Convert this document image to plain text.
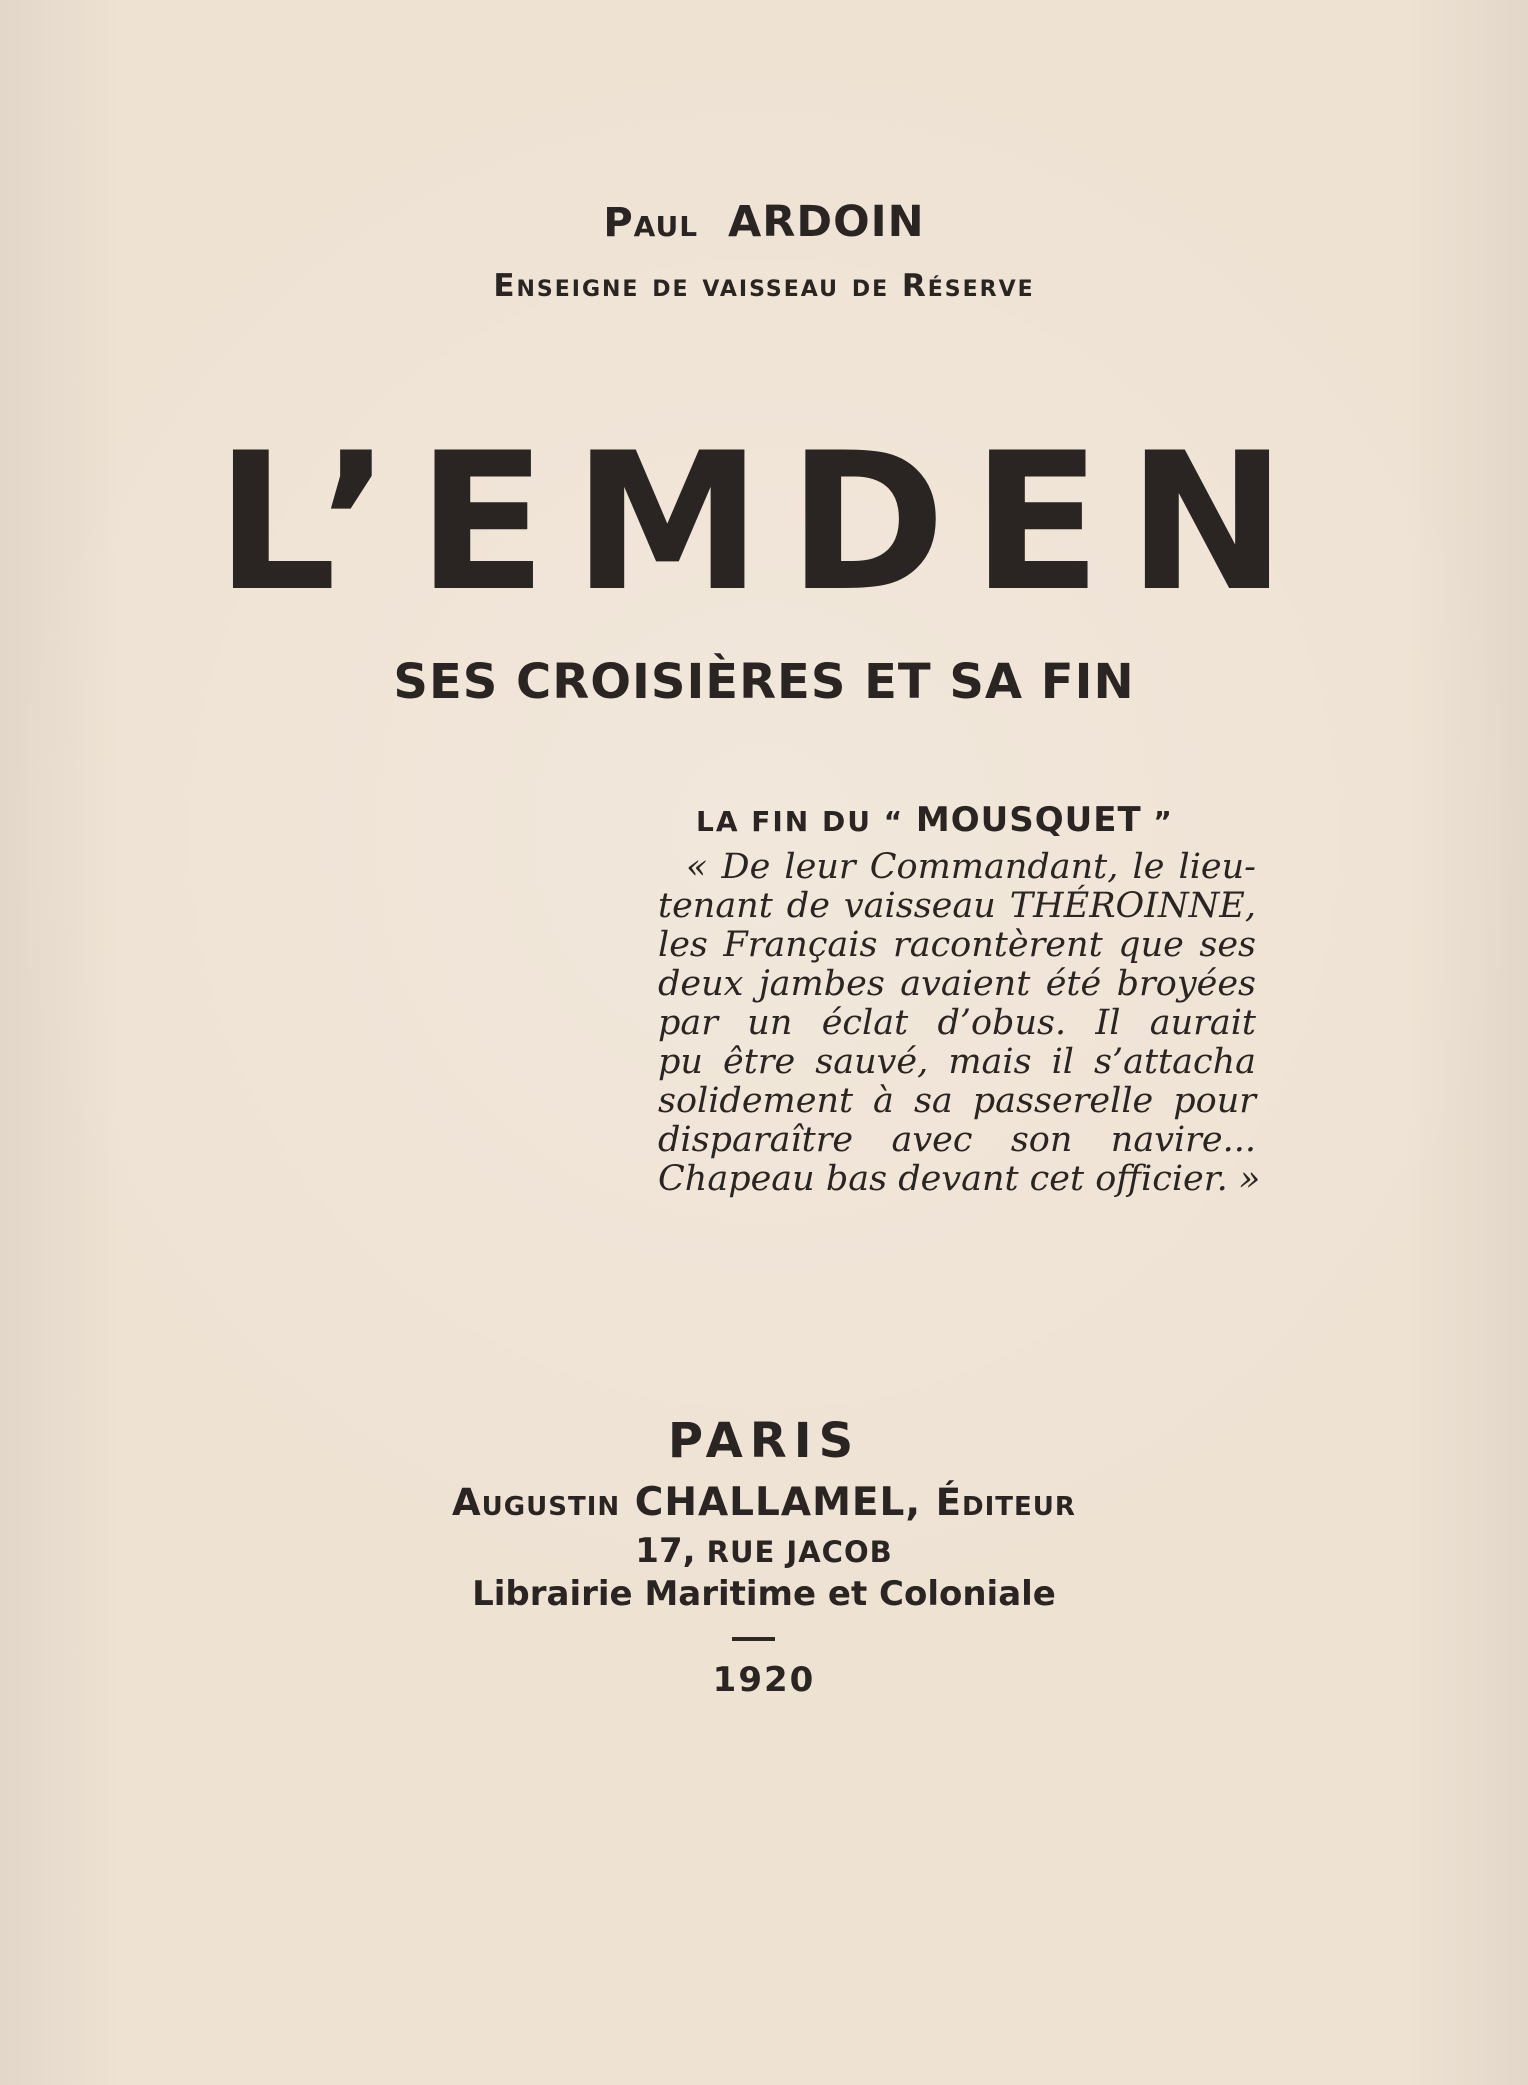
Paul ARDOIN
Enseigne de vaisseau de Réserve
L’EMDEN
SES CROISIÈRES ET SA FIN
LA FIN DU “ MOUSQUET ”
« De leur Commandant, le lieu-
tenant de vaisseau THÉROINNE,
les Français racontèrent que ses
deux jambes avaient été broyées
par un éclat d’obus. Il aurait
pu être sauvé, mais il s’attacha
solidement à sa passerelle pour
disparaître avec son navire...
Chapeau bas devant cet officier. »
PARIS
Augustin CHALLAMEL, Éditeur
17, RUE JACOB
Librairie Maritime et Coloniale
1920
